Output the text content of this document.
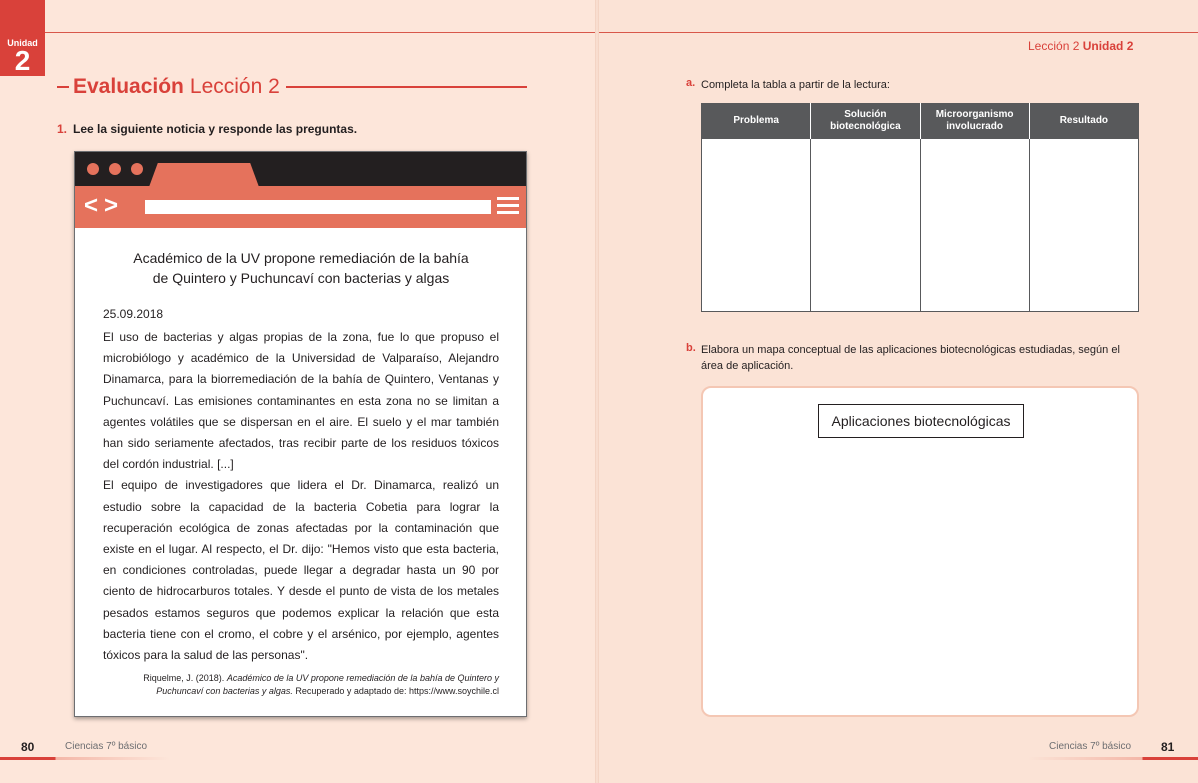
Unidad
2
Evaluación Lección 2
1. Lee la siguiente noticia y responde las preguntas.
<>
Académico de la UV propone remediación de la bahía
de Quintero y Puchuncaví con bacterias y algas
25.09.2018

El uso de bacterias y algas propias de la zona, fue lo que propuso el microbiólogo y académico de la Universidad de Valparaíso, Alejandro Dinamarca, para la biorremediación de la bahía de Quintero, Ventanas y Puchuncaví. Las emisiones contaminantes en esta zona no se limitan a agentes volátiles que se dispersan en el aire. El suelo y el mar también han sido seriamente afectados, tras recibir parte de los residuos tóxicos del cordón industrial. [...]

El equipo de investigadores que lidera el Dr. Dinamarca, realizó un estudio sobre la capacidad de la bacteria Cobetia para lograr la recuperación ecológica de zonas afectadas por la contaminación que existe en el lugar. Al respecto, el Dr. dijo: "Hemos visto que esta bacteria, en condiciones controladas, puede llegar a degradar hasta un 90 por ciento de hidrocarburos totales. Y desde el punto de vista de los metales pesados estamos seguros que podemos explicar la relación que esta bacteria tiene con el cromo, el cobre y el arsénico, por ejemplo, agentes tóxicos para la salud de las personas".

Riquelme, J. (2018). Académico de la UV propone remediación de la bahía de Quintero y Puchuncaví con bacterias y algas. Recuperado y adaptado de: https://www.soychile.cl
80	Ciencias 7º básico
Lección 2 Unidad 2
a. Completa la tabla a partir de la lectura:
Problema	Solución biotecnológica	Microorganismo involucrado	Resultado

b. Elabora un mapa conceptual de las aplicaciones biotecnológicas estudiadas, según el área de aplicación.
Aplicaciones biotecnológicas
Ciencias 7º básico 81
